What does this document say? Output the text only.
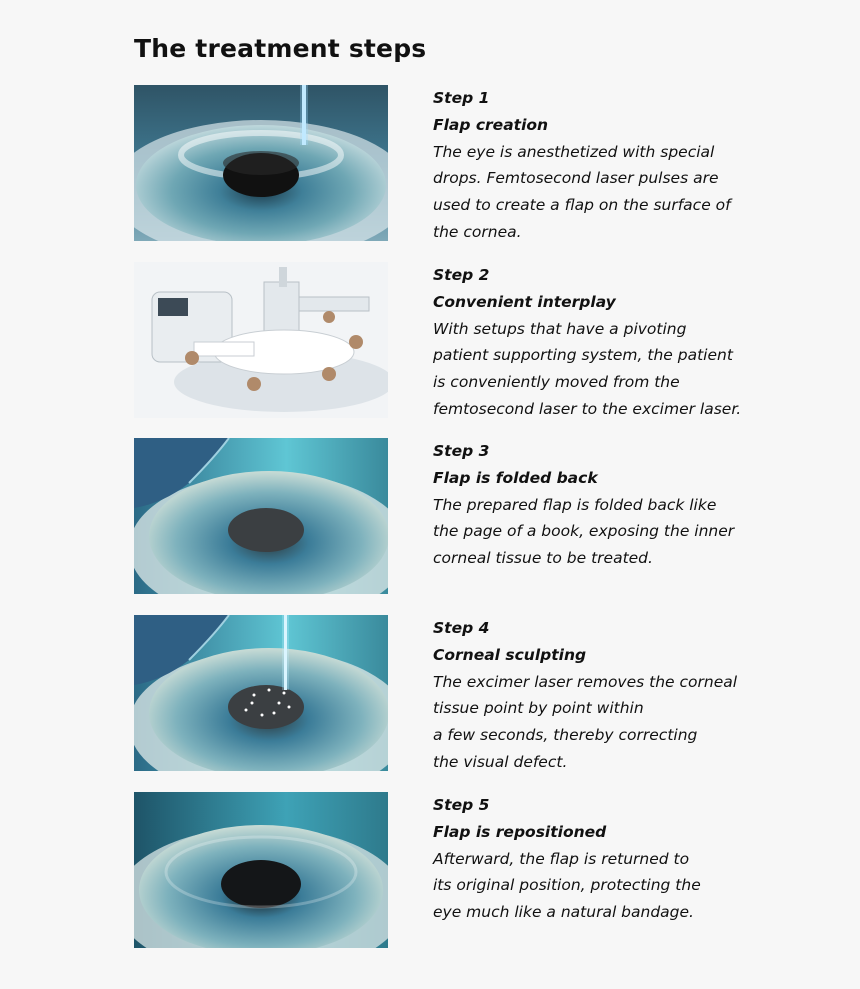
The treatment steps
Step 1
Flap creation
The eye is anesthetized with special
drops. Femtosecond laser pulses are
used to create a flap on the surface of
the cornea.
Step 2
Convenient interplay
With setups that have a pivoting
patient supporting system, the patient
is conveniently moved from the
femtosecond laser to the excimer laser.
Step 3
Flap is folded back
The prepared flap is folded back like
the page of a book, exposing the inner
corneal tissue to be treated.
Step 4
Corneal sculpting
The excimer laser removes the corneal
tissue point by point within
a few seconds, thereby correcting
the visual defect.
Step 5
Flap is repositioned
Afterward, the flap is returned to
its original position, protecting the
eye much like a natural bandage.
